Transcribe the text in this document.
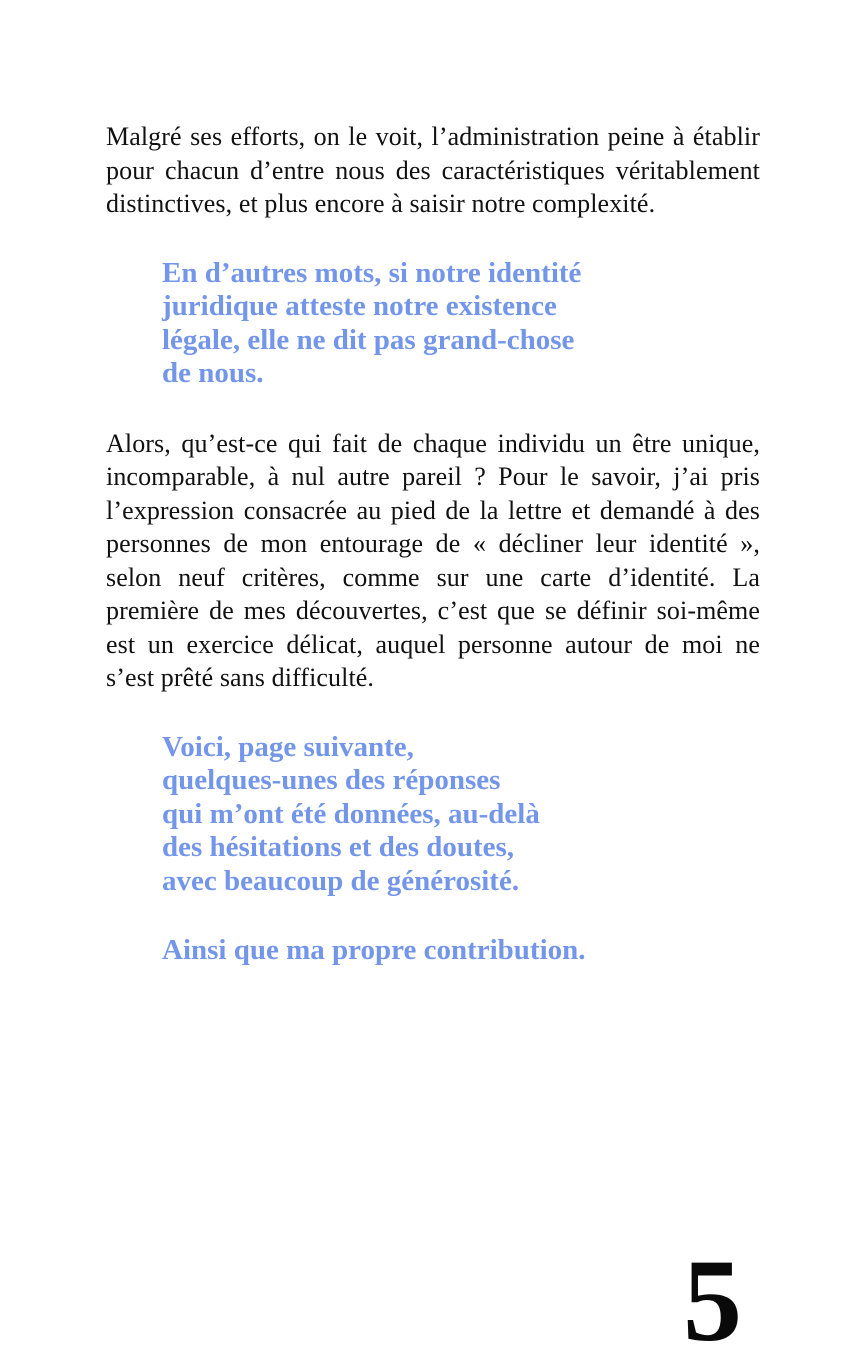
Malgré ses efforts, on le voit, l’administration peine à établir pour chacun d’entre nous des caractéristiques véritablement distinctives, et plus encore à saisir notre complexité.

En d’autres mots, si notre identité
juridique atteste notre existence
légale, elle ne dit pas grand-chose
de nous.

Alors, qu’est-ce qui fait de chaque individu un être unique, incomparable, à nul autre pareil ? Pour le savoir, j’ai pris l’expression consacrée au pied de la lettre et demandé à des personnes de mon entourage de « décliner leur identité », selon neuf critères, comme sur une carte d’identité. La première de mes découvertes, c’est que se définir soi-même est un exercice délicat, auquel personne autour de moi ne s’est prêté sans difficulté.

Voici, page suivante,
quelques-unes des réponses
qui m’ont été données, au-delà
des hésitations et des doutes,
avec beaucoup de générosité.
Ainsi que ma propre contribution.
5
